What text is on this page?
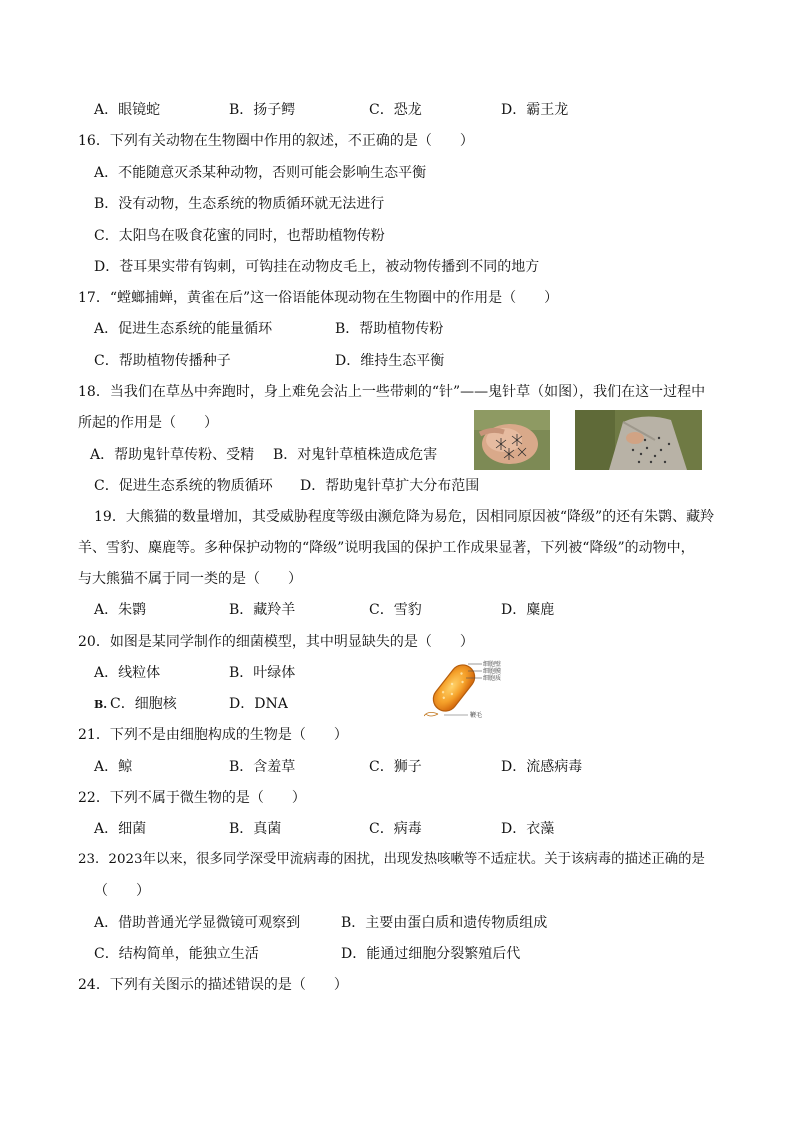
A．眼镜蛇	B．扬子鳄	C．恐龙	D．霸王龙
16．下列有关动物在生物圈中作用的叙述，不正确的是（　　）
A．不能随意灭杀某种动物，否则可能会影响生态平衡
B．没有动物，生态系统的物质循环就无法进行
C．太阳鸟在吸食花蜜的同时，也帮助植物传粉
D．苍耳果实带有钩刺，可钩挂在动物皮毛上，被动物传播到不同的地方
17．“螳螂捕蝉，黄雀在后”这一俗语能体现动物在生物圈中的作用是（　　）
A．促进生态系统的能量循环	B．帮助植物传粉
C．帮助植物传播种子	D．维持生态平衡
18．当我们在草丛中奔跑时，身上难免会沾上一些带刺的“针”——鬼针草（如图），我们在这一过程中
所起的作用是（　　）
A．帮助鬼针草传粉、受精 B．对鬼针草植株造成危害
C．促进生态系统的物质循环 D．帮助鬼针草扩大分布范围
19．大熊猫的数量增加，其受威胁程度等级由濒危降为易危，因相同原因被“降级”的还有朱鹮、藏羚
羊、雪豹、麋鹿等。多种保护动物的“降级”说明我国的保护工作成果显著，下列被“降级”的动物中，
与大熊猫不属于同一类的是（　　）
A．朱鹮	B．藏羚羊	C．雪豹	D．麋鹿
20．如图是某同学制作的细菌模型，其中明显缺失的是（　　）
A．线粒体	B．叶绿体
B. C．细胞核	D．DNA
细胞壁
细胞膜
细胞质
鞭毛
21．下列不是由细胞构成的生物是（　　）
A．鲸	B．含羞草	C．狮子	D．流感病毒
22．下列不属于微生物的是（　　）
A．细菌	B．真菌	C．病毒	D．衣藻
23．2023年以来，很多同学深受甲流病毒的困扰，出现发热咳嗽等不适症状。关于该病毒的描述正确的是
（　　）
A．借助普通光学显微镜可观察到	B．主要由蛋白质和遗传物质组成
C．结构简单，能独立生活	D．能通过细胞分裂繁殖后代
24．下列有关图示的描述错误的是（　　）
